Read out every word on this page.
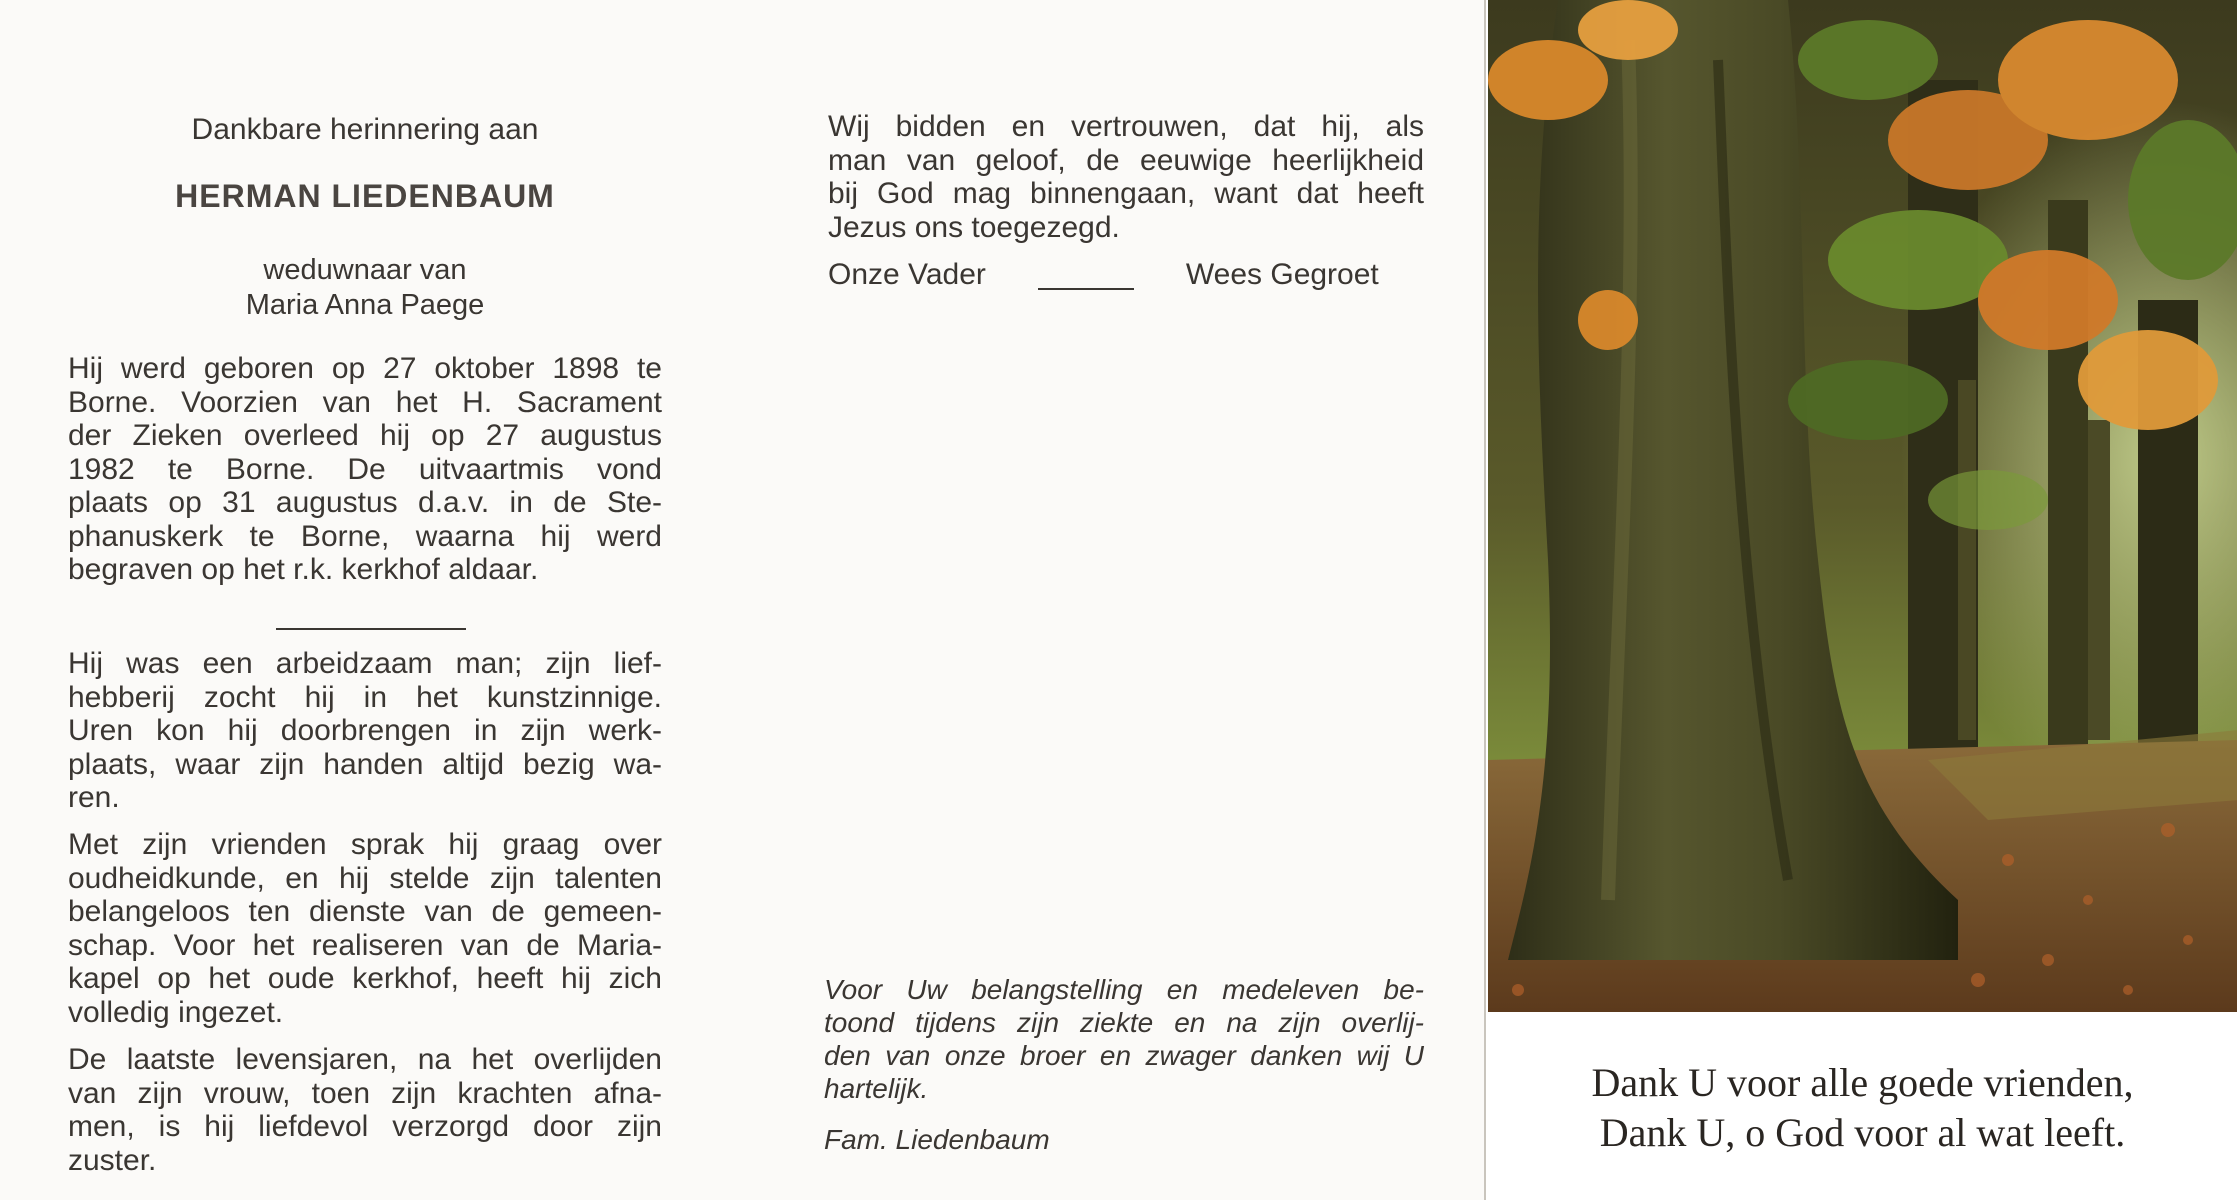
Dankbare herinnering aan
HERMAN LIEDENBAUM
weduwnaar van
Maria Anna Paege
Hij werd geboren op 27 oktober 1898 te
Borne. Voorzien van het H. Sacrament
der Zieken overleed hij op 27 augustus
1982 te Borne. De uitvaartmis vond
plaats op 31 augustus d.a.v. in de Ste-
phanuskerk te Borne, waarna hij werd
begraven op het r.k. kerkhof aldaar.
Hij was een arbeidzaam man; zijn lief-
hebberij zocht hij in het kunstzinnige.
Uren kon hij doorbrengen in zijn werk-
plaats, waar zijn handen altijd bezig wa-
ren.
Met zijn vrienden sprak hij graag over
oudheidkunde, en hij stelde zijn talenten
belangeloos ten dienste van de gemeen-
schap. Voor het realiseren van de Maria-
kapel op het oude kerkhof, heeft hij zich
volledig ingezet.
De laatste levensjaren, na het overlijden
van zijn vrouw, toen zijn krachten afna-
men, is hij liefdevol verzorgd door zijn
zuster.
Wij bidden en vertrouwen, dat hij, als
man van geloof, de eeuwige heerlijkheid
bij God mag binnengaan, want dat heeft
Jezus ons toegezegd.
Onze Vader	Wees Gegroet
Voor Uw belangstelling en medeleven be-
toond tijdens zijn ziekte en na zijn overlij-
den van onze broer en zwager danken wij U
hartelijk.
Fam. Liedenbaum
Dank U voor alle goede vrienden,
Dank U, o God voor al wat leeft.
